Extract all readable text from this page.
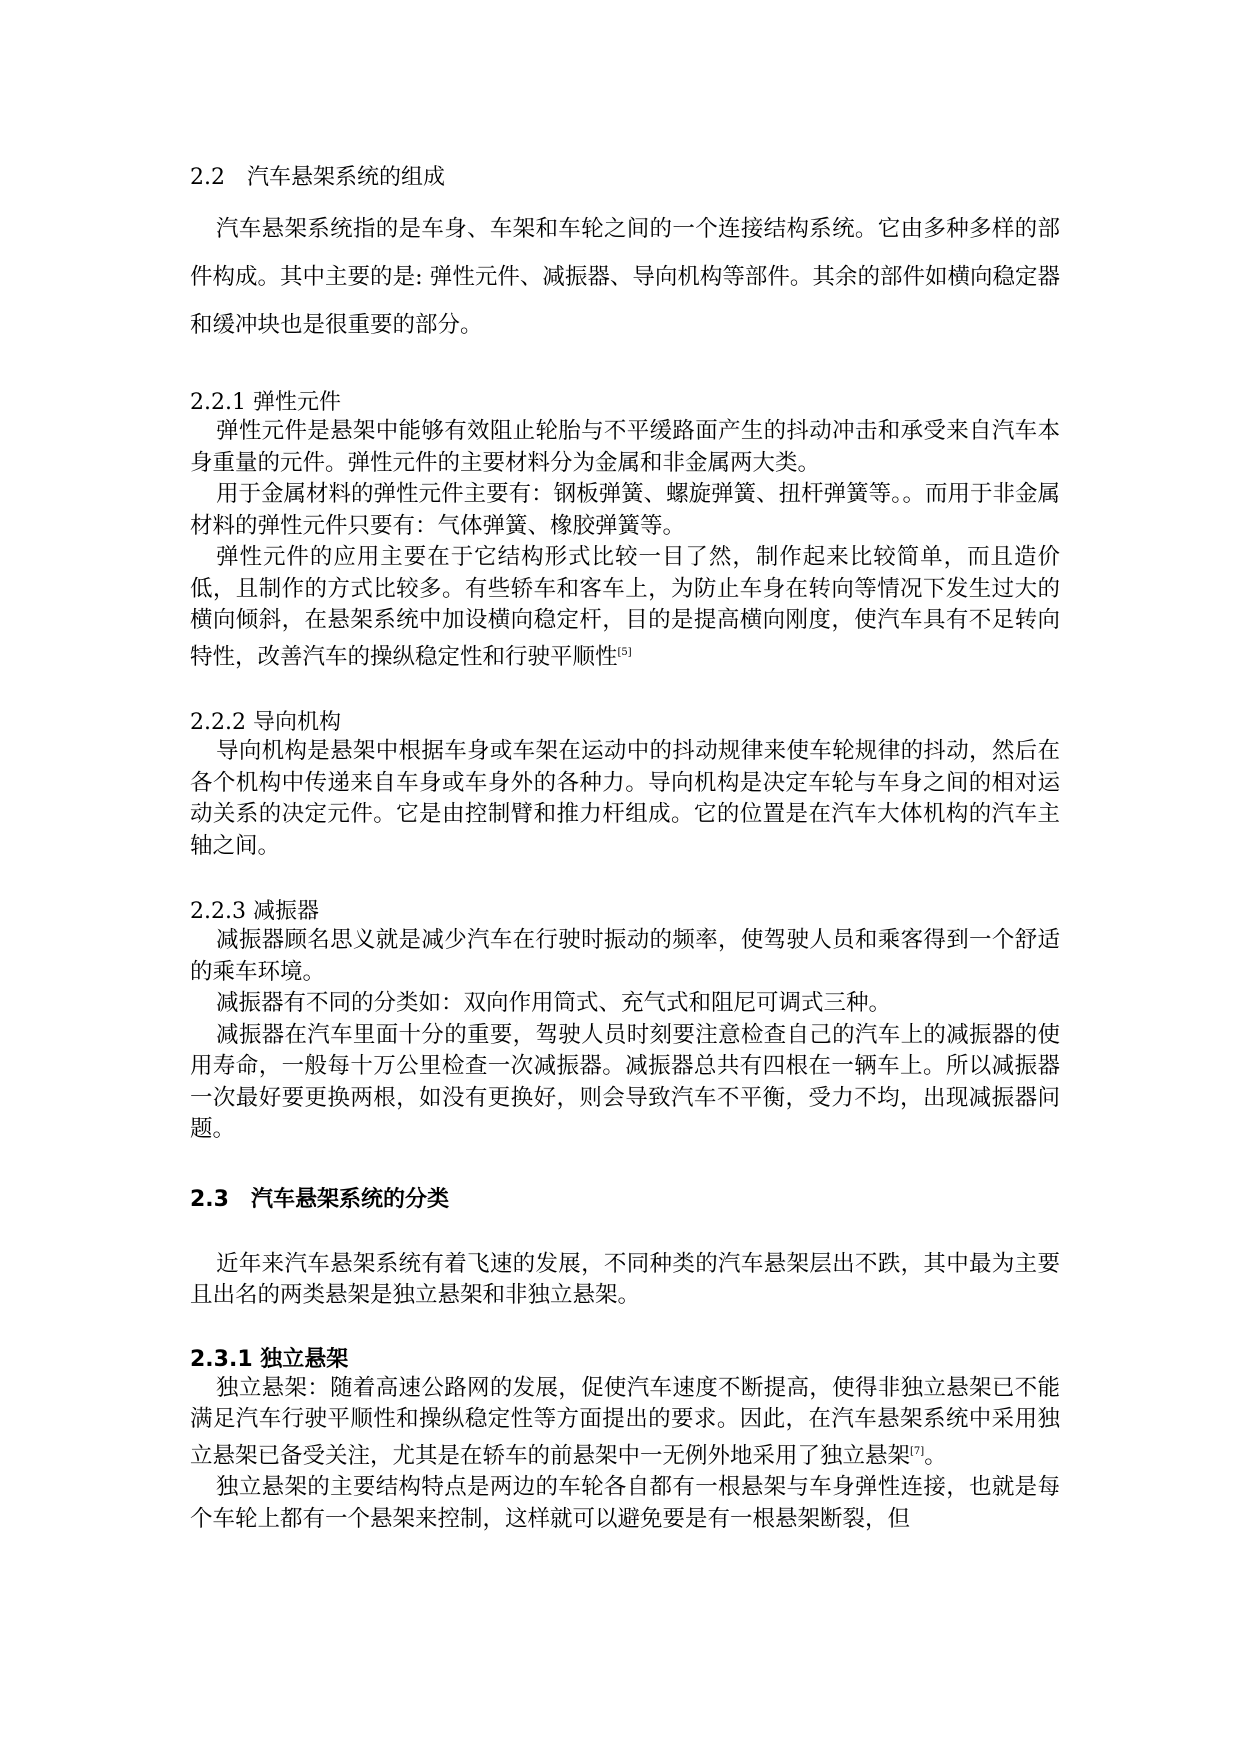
2.2　汽车悬架系统的组成

汽车悬架系统指的是车身、车架和车轮之间的一个连接结构系统。它由多种多样的部件构成。其中主要的是: 弹性元件、减振器、导向机构等部件。其余的部件如横向稳定器和缓冲块也是很重要的部分。

2.2.1 弹性元件

弹性元件是悬架中能够有效阻止轮胎与不平缓路面产生的抖动冲击和承受来自汽车本身重量的元件。弹性元件的主要材料分为金属和非金属两大类。

用于金属材料的弹性元件主要有：钢板弹簧、螺旋弹簧、扭杆弹簧等。。而用于非金属材料的弹性元件只要有：气体弹簧、橡胶弹簧等。

弹性元件的应用主要在于它结构形式比较一目了然，制作起来比较简单，而且造价低，且制作的方式比较多。有些轿车和客车上，为防止车身在转向等情况下发生过大的横向倾斜，在悬架系统中加设横向稳定杆，目的是提高横向刚度，使汽车具有不足转向特性，改善汽车的操纵稳定性和行驶平顺性[5]

2.2.2 导向机构

导向机构是悬架中根据车身或车架在运动中的抖动规律来使车轮规律的抖动，然后在各个机构中传递来自车身或车身外的各种力。导向机构是决定车轮与车身之间的相对运动关系的决定元件。它是由控制臂和推力杆组成。它的位置是在汽车大体机构的汽车主轴之间。

2.2.3 减振器

减振器顾名思义就是减少汽车在行驶时振动的频率，使驾驶人员和乘客得到一个舒适的乘车环境。

减振器有不同的分类如：双向作用筒式、充气式和阻尼可调式三种。

减振器在汽车里面十分的重要，驾驶人员时刻要注意检查自己的汽车上的减振器的使用寿命，一般每十万公里检查一次减振器。减振器总共有四根在一辆车上。所以减振器一次最好要更换两根，如没有更换好，则会导致汽车不平衡，受力不均，出现减振器问题。

2.3　汽车悬架系统的分类

近年来汽车悬架系统有着飞速的发展，不同种类的汽车悬架层出不跌，其中最为主要且出名的两类悬架是独立悬架和非独立悬架。

2.3.1 独立悬架

独立悬架：随着高速公路网的发展，促使汽车速度不断提高，使得非独立悬架已不能满足汽车行驶平顺性和操纵稳定性等方面提出的要求。因此，在汽车悬架系统中采用独立悬架已备受关注，尤其是在轿车的前悬架中一无例外地采用了独立悬架[7]。

独立悬架的主要结构特点是两边的车轮各自都有一根悬架与车身弹性连接，也就是每个车轮上都有一个悬架来控制，这样就可以避免要是有一根悬架断裂，但
